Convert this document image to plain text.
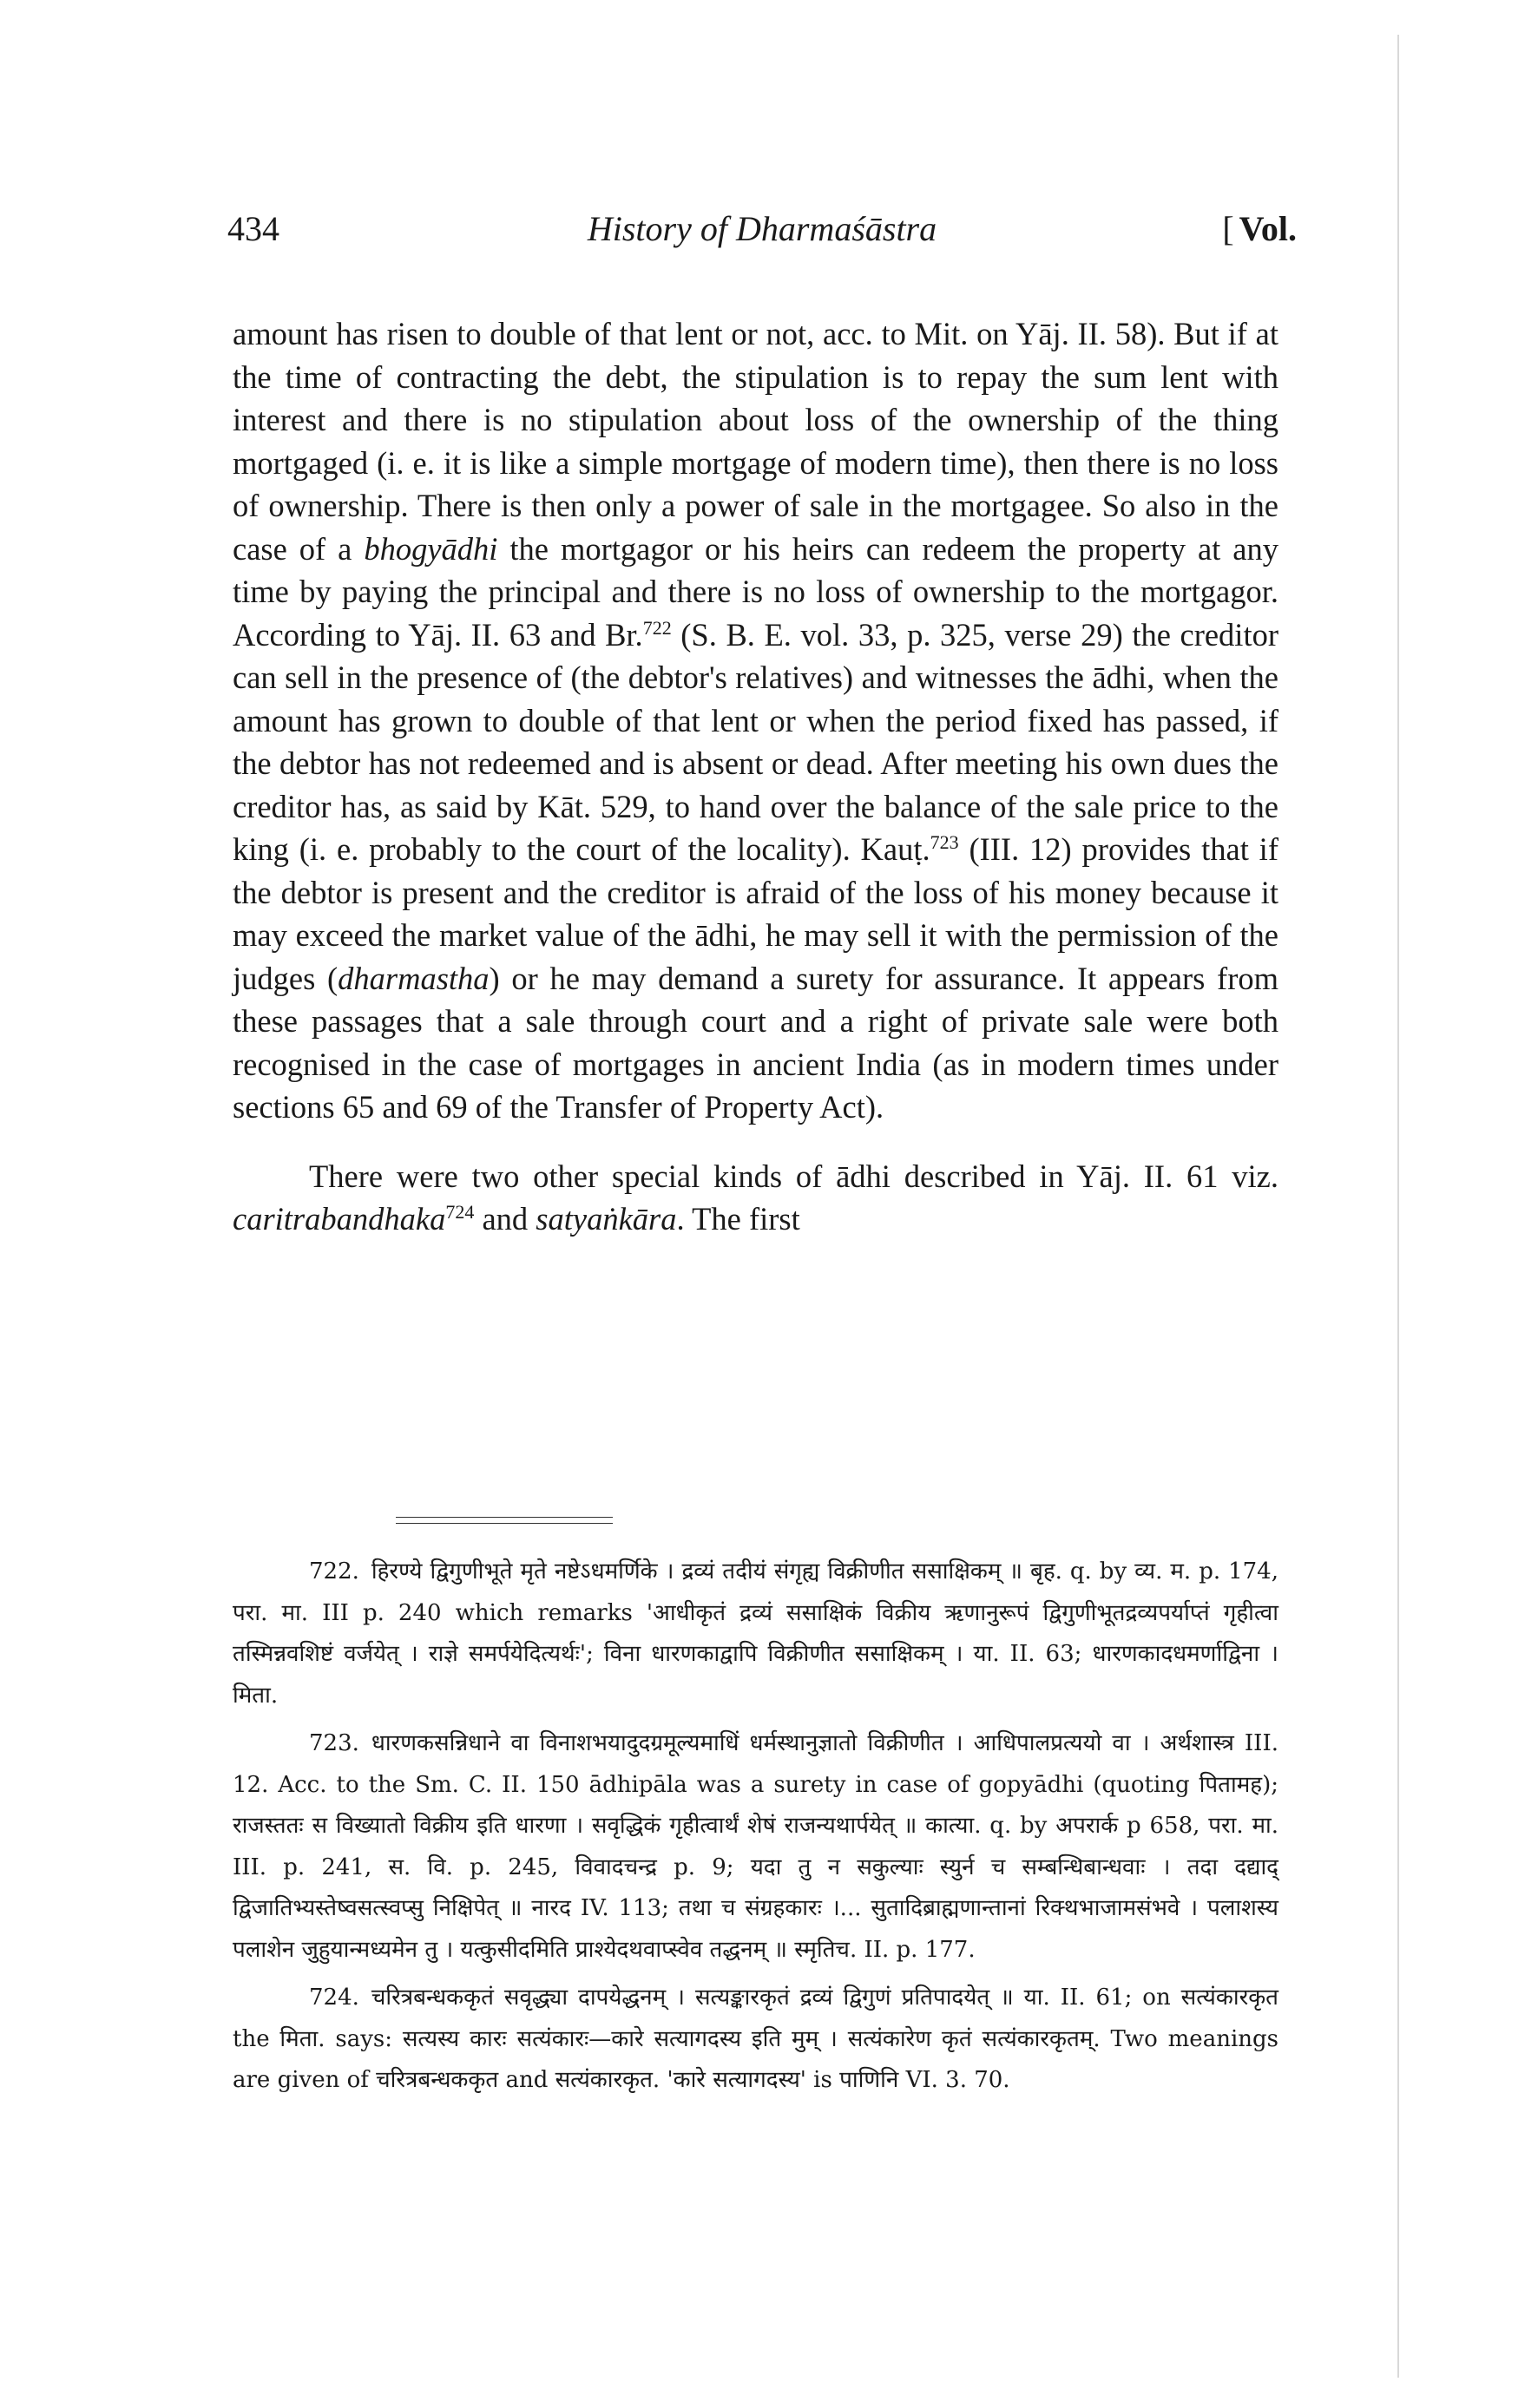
History of Dharmaśāstra
434	[ Vol.

amount has risen to double of that lent or not, acc. to Mit. on Yāj. II. 58). But if at the time of contracting the debt, the stipulation is to repay the sum lent with interest and there is no stipulation about loss of the ownership of the thing mortgaged (i. e. it is like a simple mortgage of modern time), then there is no loss of ownership. There is then only a power of sale in the mortgagee. So also in the case of a bhogyādhi the mortgagor or his heirs can redeem the property at any time by paying the principal and there is no loss of ownership to the mortgagor. According to Yāj. II. 63 and Br.$^{722}$ (S. B. E. vol. 33, p. 325, verse 29) the creditor can sell in the presence of (the debtor's relatives) and witnesses the ādhi, when the amount has grown to double of that lent or when the period fixed has passed, if the debtor has not redeemed and is absent or dead. After meeting his own dues the creditor has, as said by Kāt. 529, to hand over the balance of the sale price to the king (i. e. probably to the court of the locality). Kauṭ.$^{723}$ (III. 12) provides that if the debtor is present and the creditor is afraid of the loss of his money because it may exceed the market value of the ādhi, he may sell it with the permission of the judges (dharmastha) or he may demand a surety for assurance. It appears from these passages that a sale through court and a right of private sale were both recognised in the case of mortgages in ancient India (as in modern times under sections 65 and 69 of the Transfer of Property Act).

There were two other special kinds of ādhi described in Yāj. II. 61 viz. caritrabandhaka$^{724}$ and satyaṅkāra. The first

722. हिरण्ये द्विगुणीभूते मृते नष्टेऽधमर्णिके । द्रव्यं तदीयं संगृह्य विक्रीणीत ससाक्षिकम् ॥ बृह. q. by व्य. म. p. 174, परा. मा. III p. 240 which remarks 'आधीकृतं द्रव्यं ससाक्षिकं विक्रीय ऋणानुरूपं द्विगुणीभूतद्रव्यपर्याप्तं गृहीत्वा तस्मिन्नवशिष्टं वर्जयेत् । राज्ञे समर्पयेदित्यर्थः'; विना धारणकाद्वापि विक्रीणीत ससाक्षिकम् । या. II. 63; धारणकादधमर्णाद्विना । मिता.

723. धारणकसन्निधाने वा विनाशभयादुदग्रमूल्यमाधिं धर्मस्थानुज्ञातो विक्रीणीत । आधिपालप्रत्ययो वा । अर्थशास्त्र III. 12. Acc. to the Sm. C. II. 150 ādhipāla was a surety in case of gopyādhi (quoting पितामह); राजस्ततः स विख्यातो विक्रीय इति धारणा । सवृद्धिकं गृहीत्वार्थं शेषं राजन्यथार्पयेत् ॥ कात्या. q. by अपरार्क p 658, परा. मा. III. p. 241, स. वि. p. 245, विवादचन्द्र p. 9; यदा तु न सकुल्याः स्युर्न च सम्बन्धिबान्धवाः । तदा दद्याद् द्विजातिभ्यस्तेष्वसत्स्वप्सु निक्षिपेत् ॥ नारद IV. 113; तथा च संग्रहकारः ।... सुतादिब्राह्मणान्तानां रिक्थभाजामसंभवे । पलाशस्य पलाशेन जुहुयान्मध्यमेन तु । यत्कुसीदमिति प्राश्येदथवाप्स्वेव तद्धनम् ॥ स्मृतिच. II. p. 177.

724. चरित्रबन्धककृतं सवृद्ध्या दापयेद्धनम् । सत्यङ्कारकृतं द्रव्यं द्विगुणं प्रतिपादयेत् ॥ या. II. 61; on सत्यंकारकृत the मिता. says: सत्यस्य कारः सत्यंकारः—कारे सत्यागदस्य इति मुम् । सत्यंकारेण कृतं सत्यंकारकृतम्. Two meanings are given of चरित्रबन्धककृत and सत्यंकारकृत. 'कारे सत्यागदस्य' is पाणिनि VI. 3. 70.
